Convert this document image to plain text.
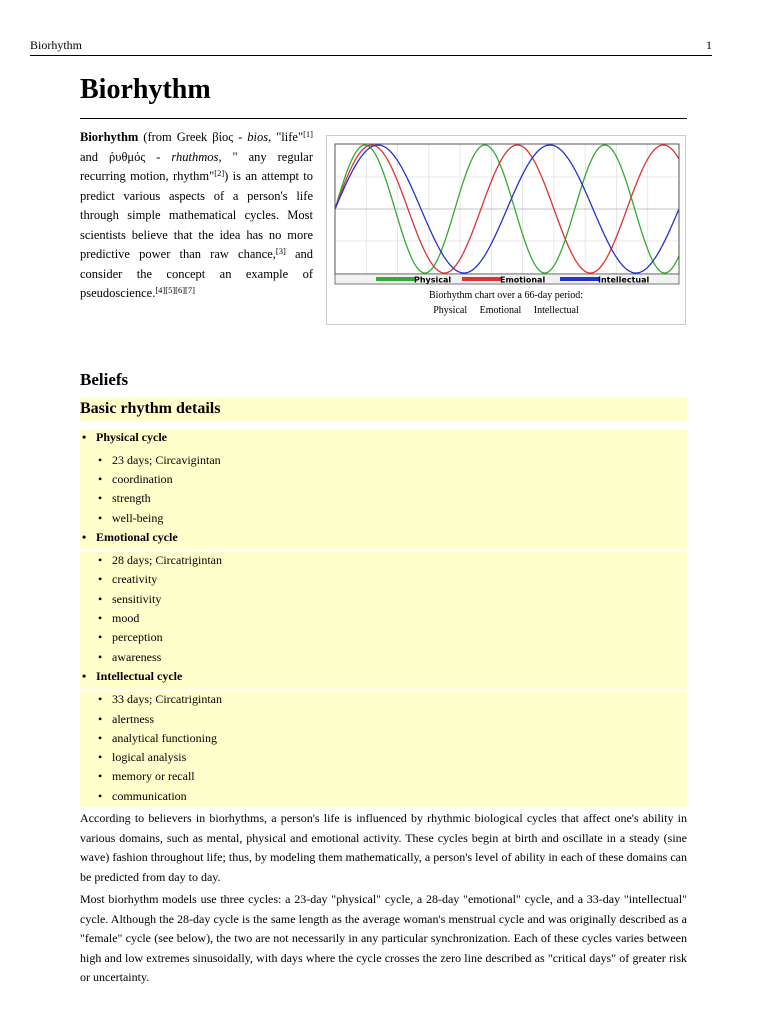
Biorhythm	1
Biorhythm

Biorhythm (from Greek βίος - bios, "life"[1] and ῥυθμός - rhuthmos, " any regular recurring motion, rhythm"[2]) is an attempt to predict various aspects of a person's life through simple mathematical cycles. Most scientists believe that the idea has no more predictive power than raw chance,[3] and consider the concept an example of pseudoscience.[4][5][6][7]

Physical	Emotional	Intellectual
Biorhythm chart over a 66-day period:
Physical Emotional Intellectual
Beliefs
Basic rhythm details
• Physical cycle
• 23 days; Circavigintan
• coordination
• strength
• well-being
• Emotional cycle
• 28 days; Circatrigintan
• creativity
• sensitivity
• mood
• perception
• awareness
• Intellectual cycle
• 33 days; Circatrigintan
• alertness
• analytical functioning
• logical analysis
• memory or recall
• communication

According to believers in biorhythms, a person's life is influenced by rhythmic biological cycles that affect one's ability in various domains, such as mental, physical and emotional activity. These cycles begin at birth and oscillate in a steady (sine wave) fashion throughout life; thus, by modeling them mathematically, a person's level of ability in each of these domains can be predicted from day to day.

Most biorhythm models use three cycles: a 23-day "physical" cycle, a 28-day "emotional" cycle, and a 33-day "intellectual" cycle. Although the 28-day cycle is the same length as the average woman's menstrual cycle and was originally described as a "female" cycle (see below), the two are not necessarily in any particular synchronization. Each of these cycles varies between high and low extremes sinusoidally, with days where the cycle crosses the zero line described as "critical days" of greater risk or uncertainty.
